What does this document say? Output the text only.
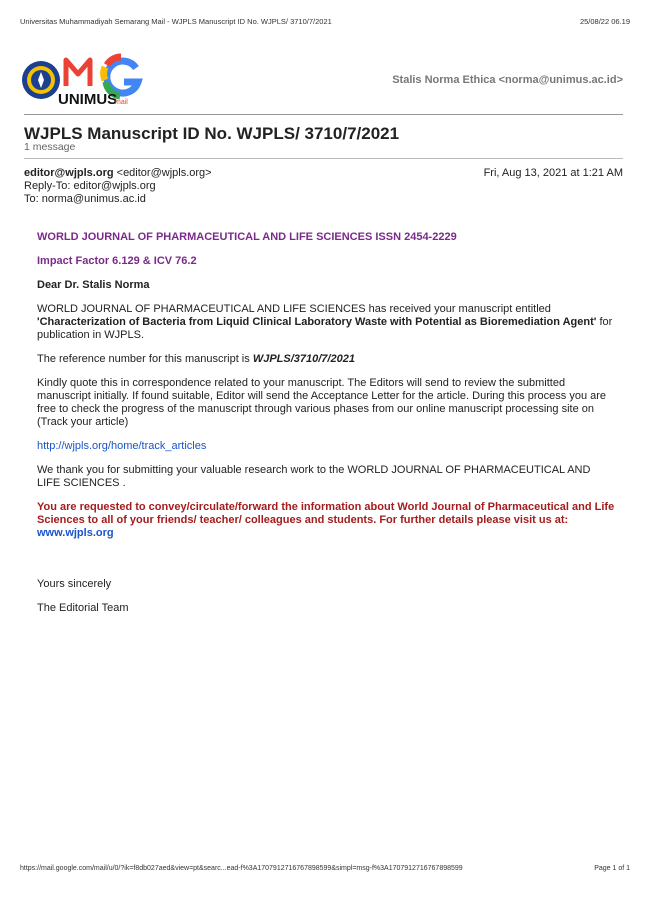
Universitas Muhammadiyah Semarang Mail - WJPLS Manuscript ID No. WJPLS/ 3710/7/2021	25/08/22 06.19
UNIMUS
mail
Stalis Norma Ethica <norma@unimus.ac.id>
WJPLS Manuscript ID No. WJPLS/ 3710/7/2021
1 message
editor@wjpls.org <editor@wjpls.org>	Fri, Aug 13, 2021 at 1:21 AM
Reply-To: editor@wjpls.org
To: norma@unimus.ac.id

WORLD JOURNAL OF PHARMACEUTICAL AND LIFE SCIENCES ISSN 2454-2229

Impact Factor 6.129 & ICV 76.2

Dear Dr. Stalis Norma

WORLD JOURNAL OF PHARMACEUTICAL AND LIFE SCIENCES has received your manuscript entitled 'Characterization of Bacteria from Liquid Clinical Laboratory Waste with Potential as Bioremediation Agent' for publication in WJPLS.

The reference number for this manuscript is WJPLS/3710/7/2021

Kindly quote this in correspondence related to your manuscript. The Editors will send to review the submitted manuscript initially. If found suitable, Editor will send the Acceptance Letter for the article. During this process you are free to check the progress of the manuscript through various phases from our online manuscript processing site on (Track your article)

http://wjpls.org/home/track_articles

We thank you for submitting your valuable research work to the WORLD JOURNAL OF PHARMACEUTICAL AND LIFE SCIENCES .

You are requested to convey/circulate/forward the information about World Journal of Pharmaceutical and Life Sciences to all of your friends/ teacher/ colleagues and students. For further details please visit us at: www.wjpls.org

Yours sincerely

The Editorial Team

https://mail.google.com/mail/u/0/?ik=f8db027aed&view=pt&searc...ead-f%3A1707912716767898599&simpl=msg-f%3A1707912716767898599	Page 1 of 1
